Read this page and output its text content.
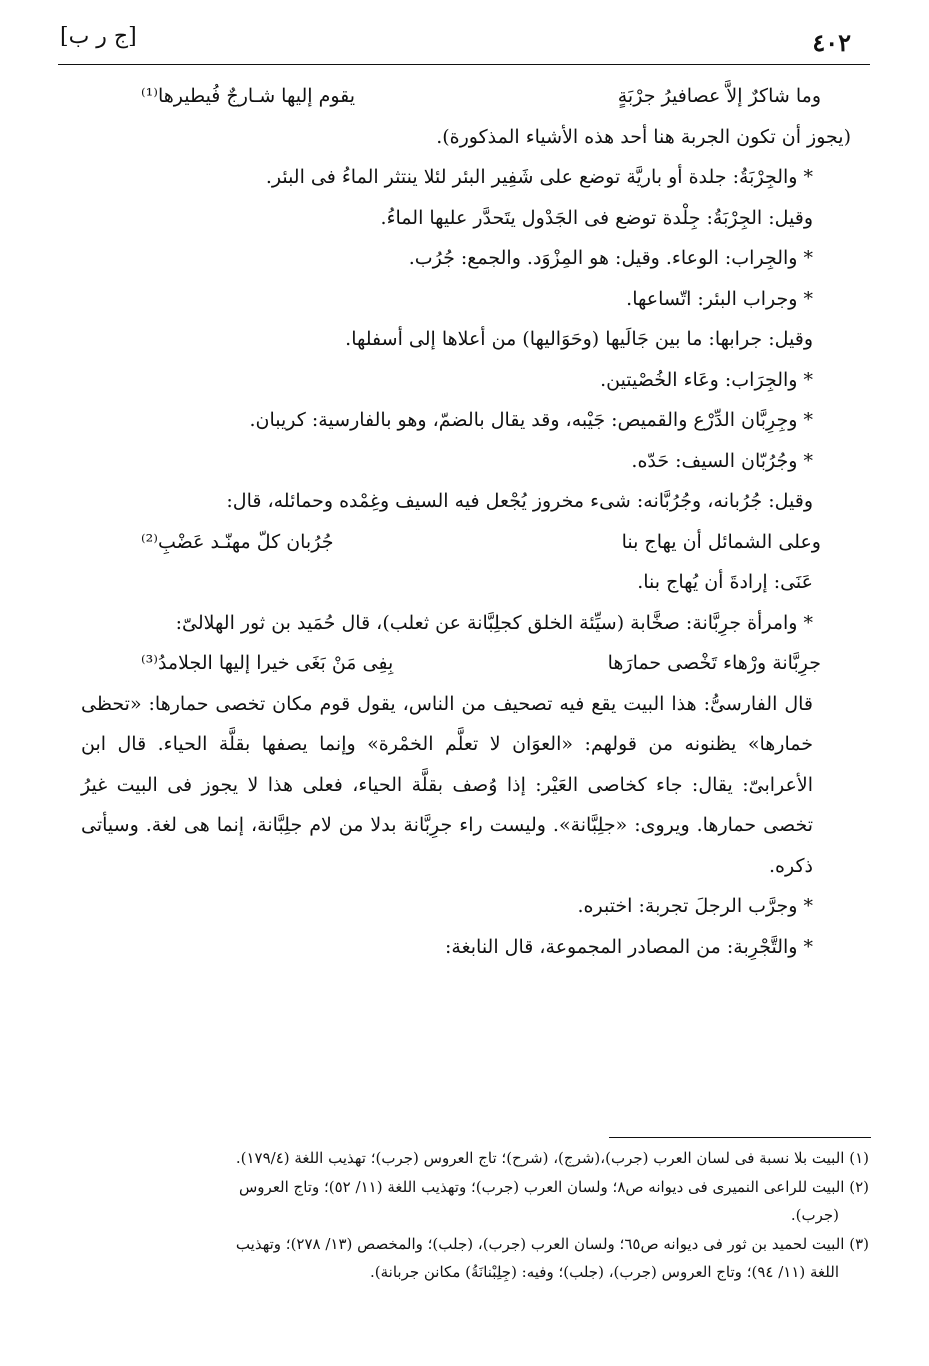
٤٠٢
[ج ر ب]
وما شاكرٌ إلاَّ عصافيرُ جرْبَةٍ
يقوم إليها شـارجٌ فُيطيرها⁽¹⁾

(يجوز أن تكون الجربة هنا أحد هذه الأشياء المذكورة).

* والجِرْبَةُ: جلدة أو باريَّة توضع على شَفِير البئر لئلا ينتثر الماءُ فى البئر.

وقيل: الجِرْبَةُ: جِلْدة توضع فى الجَدْول يتَحدَّر عليها الماءُ.

* والجِراب: الوعاء. وقيل: هو المِزْوَد. والجمع: جُرُب.

* وجراب البئر: اتّساعها.

وقيل: جرابها: ما بين جَالَيها (وحَوَاليها) من أعلاها إلى أسفلها.

* والجِرَاب: وعَاء الخُصْيتين.

* وجِرِبَّان الدِّرْع والقميص: جَيْبه، وقد يقال بالضمّ، وهو بالفارسية: كريبان.

* وجُرُبّان السيف: حَدّه.

وقيل: جُرُبانه، وجُرُبَّانه: شىء مخروز يُجْعل فيه السيف وغِمْده وحمائله، قال:

وعلى الشمائل أن يهاج بنا
جُرُبان كلّ مهنّـد عَضْبِ⁽²⁾

عَنَى: إرادةَ أن يُهاج بنا.

* وامرأة جرِبَّانة: صخَّابة (سيِّئة الخلق كجلِبَّانة عن ثعلب)، قال حُمَيد بن ثور الهلالىّ:

جرِبَّانة ورْهاء تَخْصى حمارَها
بِفِى مَنْ بَغَى خيرا إليها الجلامدُ⁽³⁾

قال الفارسىُّ: هذا البيت يقع فيه تصحيف من الناس، يقول قوم مكان تخصى حمارها: «تحظى خمارها» يظنونه من قولهم: «العوَان لا تعلَّم الخمْرة» وإنما يصفها بقلَّة الحياء. قال ابن الأعرابىّ: يقال: جاء كخاصى العَيْر: إذا وُصف بقلَّة الحياء، فعلى هذا لا يجوز فى البيت غيرُ تخصى حمارها. ويروى: «جلِبَّانة». وليست راء جرِبَّانة بدلا من لام جلِبَّانة، إنما هى لغة. وسيأتى ذكره.

* وجرَّب الرجلَ تجربة: اختبره.

* والتَّجْرِبة: من المصادر المجموعة، قال النابغة:

(١) البيت بلا نسبة فى لسان العرب (جرب)،(شرج)، (شرح)؛ تاج العروس (جرب)؛ تهذيب اللغة (١٧٩/٤).

(٢) البيت للراعى النميرى فى ديوانه ص٨؛ ولسان العرب (جرب)؛ وتهذيب اللغة (١١/ ٥٢)؛ وتاج العروس

(جرب).

(٣) البيت لحميد بن ثور فى ديوانه ص٦٥؛ ولسان العرب (جرب)، (جلب)؛ والمخصص (١٣/ ٢٧٨)؛ وتهذيب

اللغة (١١/ ٩٤)؛ وتاج العروس (جرب)، (جلب)؛ وفيه: (جِلِبْنانَةُ) مكانن جربانة).
